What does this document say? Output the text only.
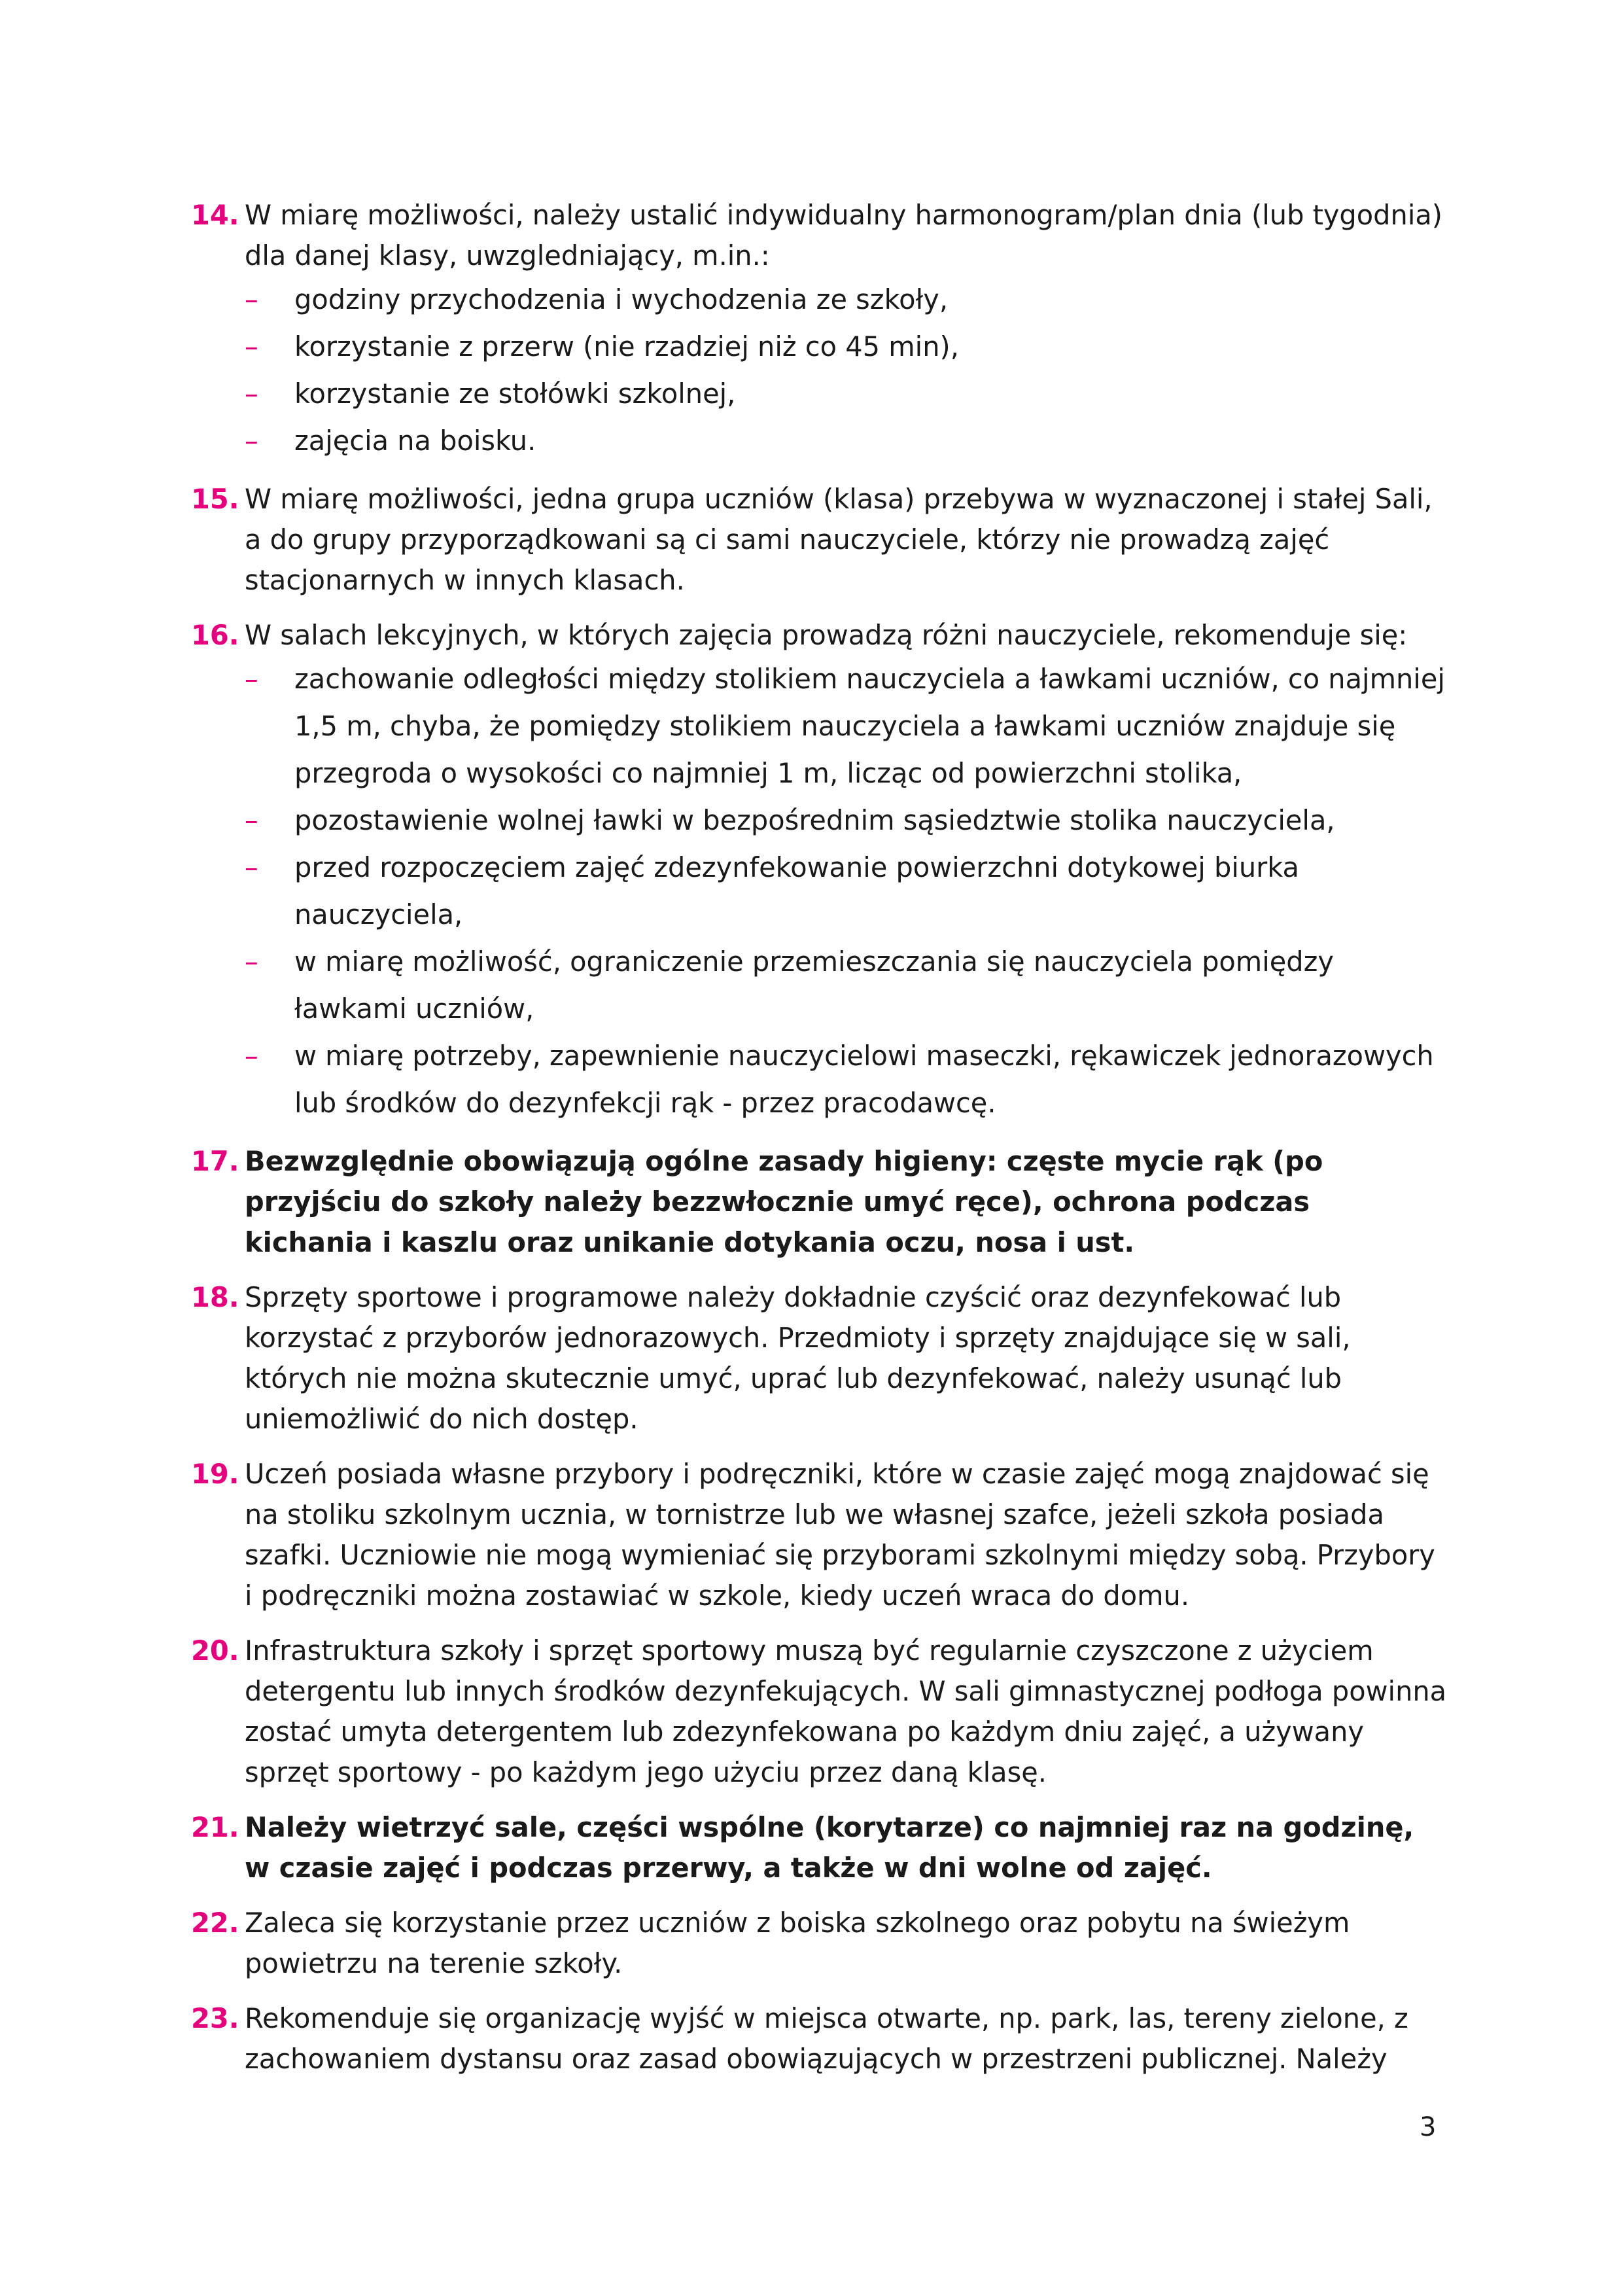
14. W miarę możliwości, należy ustalić indywidualny harmonogram/plan dnia (lub tygodnia) dla danej klasy, uwzgledniający, m.in.:
– godziny przychodzenia i wychodzenia ze szkoły,
– korzystanie z przerw (nie rzadziej niż co 45 min),
– korzystanie ze stołówki szkolnej,
– zajęcia na boisku.
15. W miarę możliwości, jedna grupa uczniów (klasa) przebywa w wyznaczonej i stałej Sali, a do grupy przyporządkowani są ci sami nauczyciele, którzy nie prowadzą zajęć stacjonarnych w innych klasach.
16. W salach lekcyjnych, w których zajęcia prowadzą różni nauczyciele, rekomenduje się:
– zachowanie odległości między stolikiem nauczyciela a ławkami uczniów, co najmniej 1,5 m, chyba, że pomiędzy stolikiem nauczyciela a ławkami uczniów znajduje się przegroda o wysokości co najmniej 1 m, licząc od powierzchni stolika,
– pozostawienie wolnej ławki w bezpośrednim sąsiedztwie stolika nauczyciela,
– przed rozpoczęciem zajęć zdezynfekowanie powierzchni dotykowej biurka nauczyciela,
– w miarę możliwość, ograniczenie przemieszczania się nauczyciela pomiędzy ławkami uczniów,
– w miarę potrzeby, zapewnienie nauczycielowi maseczki, rękawiczek jednorazowych lub środków do dezynfekcji rąk - przez pracodawcę.
17. Bezwzględnie obowiązują ogólne zasady higieny: częste mycie rąk (po przyjściu do szkoły należy bezzwłocznie umyć ręce), ochrona podczas kichania i kaszlu oraz unikanie dotykania oczu, nosa i ust.
18. Sprzęty sportowe i programowe należy dokładnie czyścić oraz dezynfekować lub korzystać z przyborów jednorazowych. Przedmioty i sprzęty znajdujące się w sali, których nie można skutecznie umyć, uprać lub dezynfekować, należy usunąć lub uniemożliwić do nich dostęp.
19. Uczeń posiada własne przybory i podręczniki, które w czasie zajęć mogą znajdować się na stoliku szkolnym ucznia, w tornistrze lub we własnej szafce, jeżeli szkoła posiada szafki. Uczniowie nie mogą wymieniać się przyborami szkolnymi między sobą. Przybory i podręczniki można zostawiać w szkole, kiedy uczeń wraca do domu.
20. Infrastruktura szkoły i sprzęt sportowy muszą być regularnie czyszczone z użyciem detergentu lub innych środków dezynfekujących. W sali gimnastycznej podłoga powinna zostać umyta detergentem lub zdezynfekowana po każdym dniu zajęć, a używany sprzęt sportowy - po każdym jego użyciu przez daną klasę.
21. Należy wietrzyć sale, części wspólne (korytarze) co najmniej raz na godzinę, w czasie zajęć i podczas przerwy, a także w dni wolne od zajęć.
22. Zaleca się korzystanie przez uczniów z boiska szkolnego oraz pobytu na świeżym powietrzu na terenie szkoły.
23. Rekomenduje się organizację wyjść w miejsca otwarte, np. park, las, tereny zielone, z zachowaniem dystansu oraz zasad obowiązujących w przestrzeni publicznej. Należy
3
